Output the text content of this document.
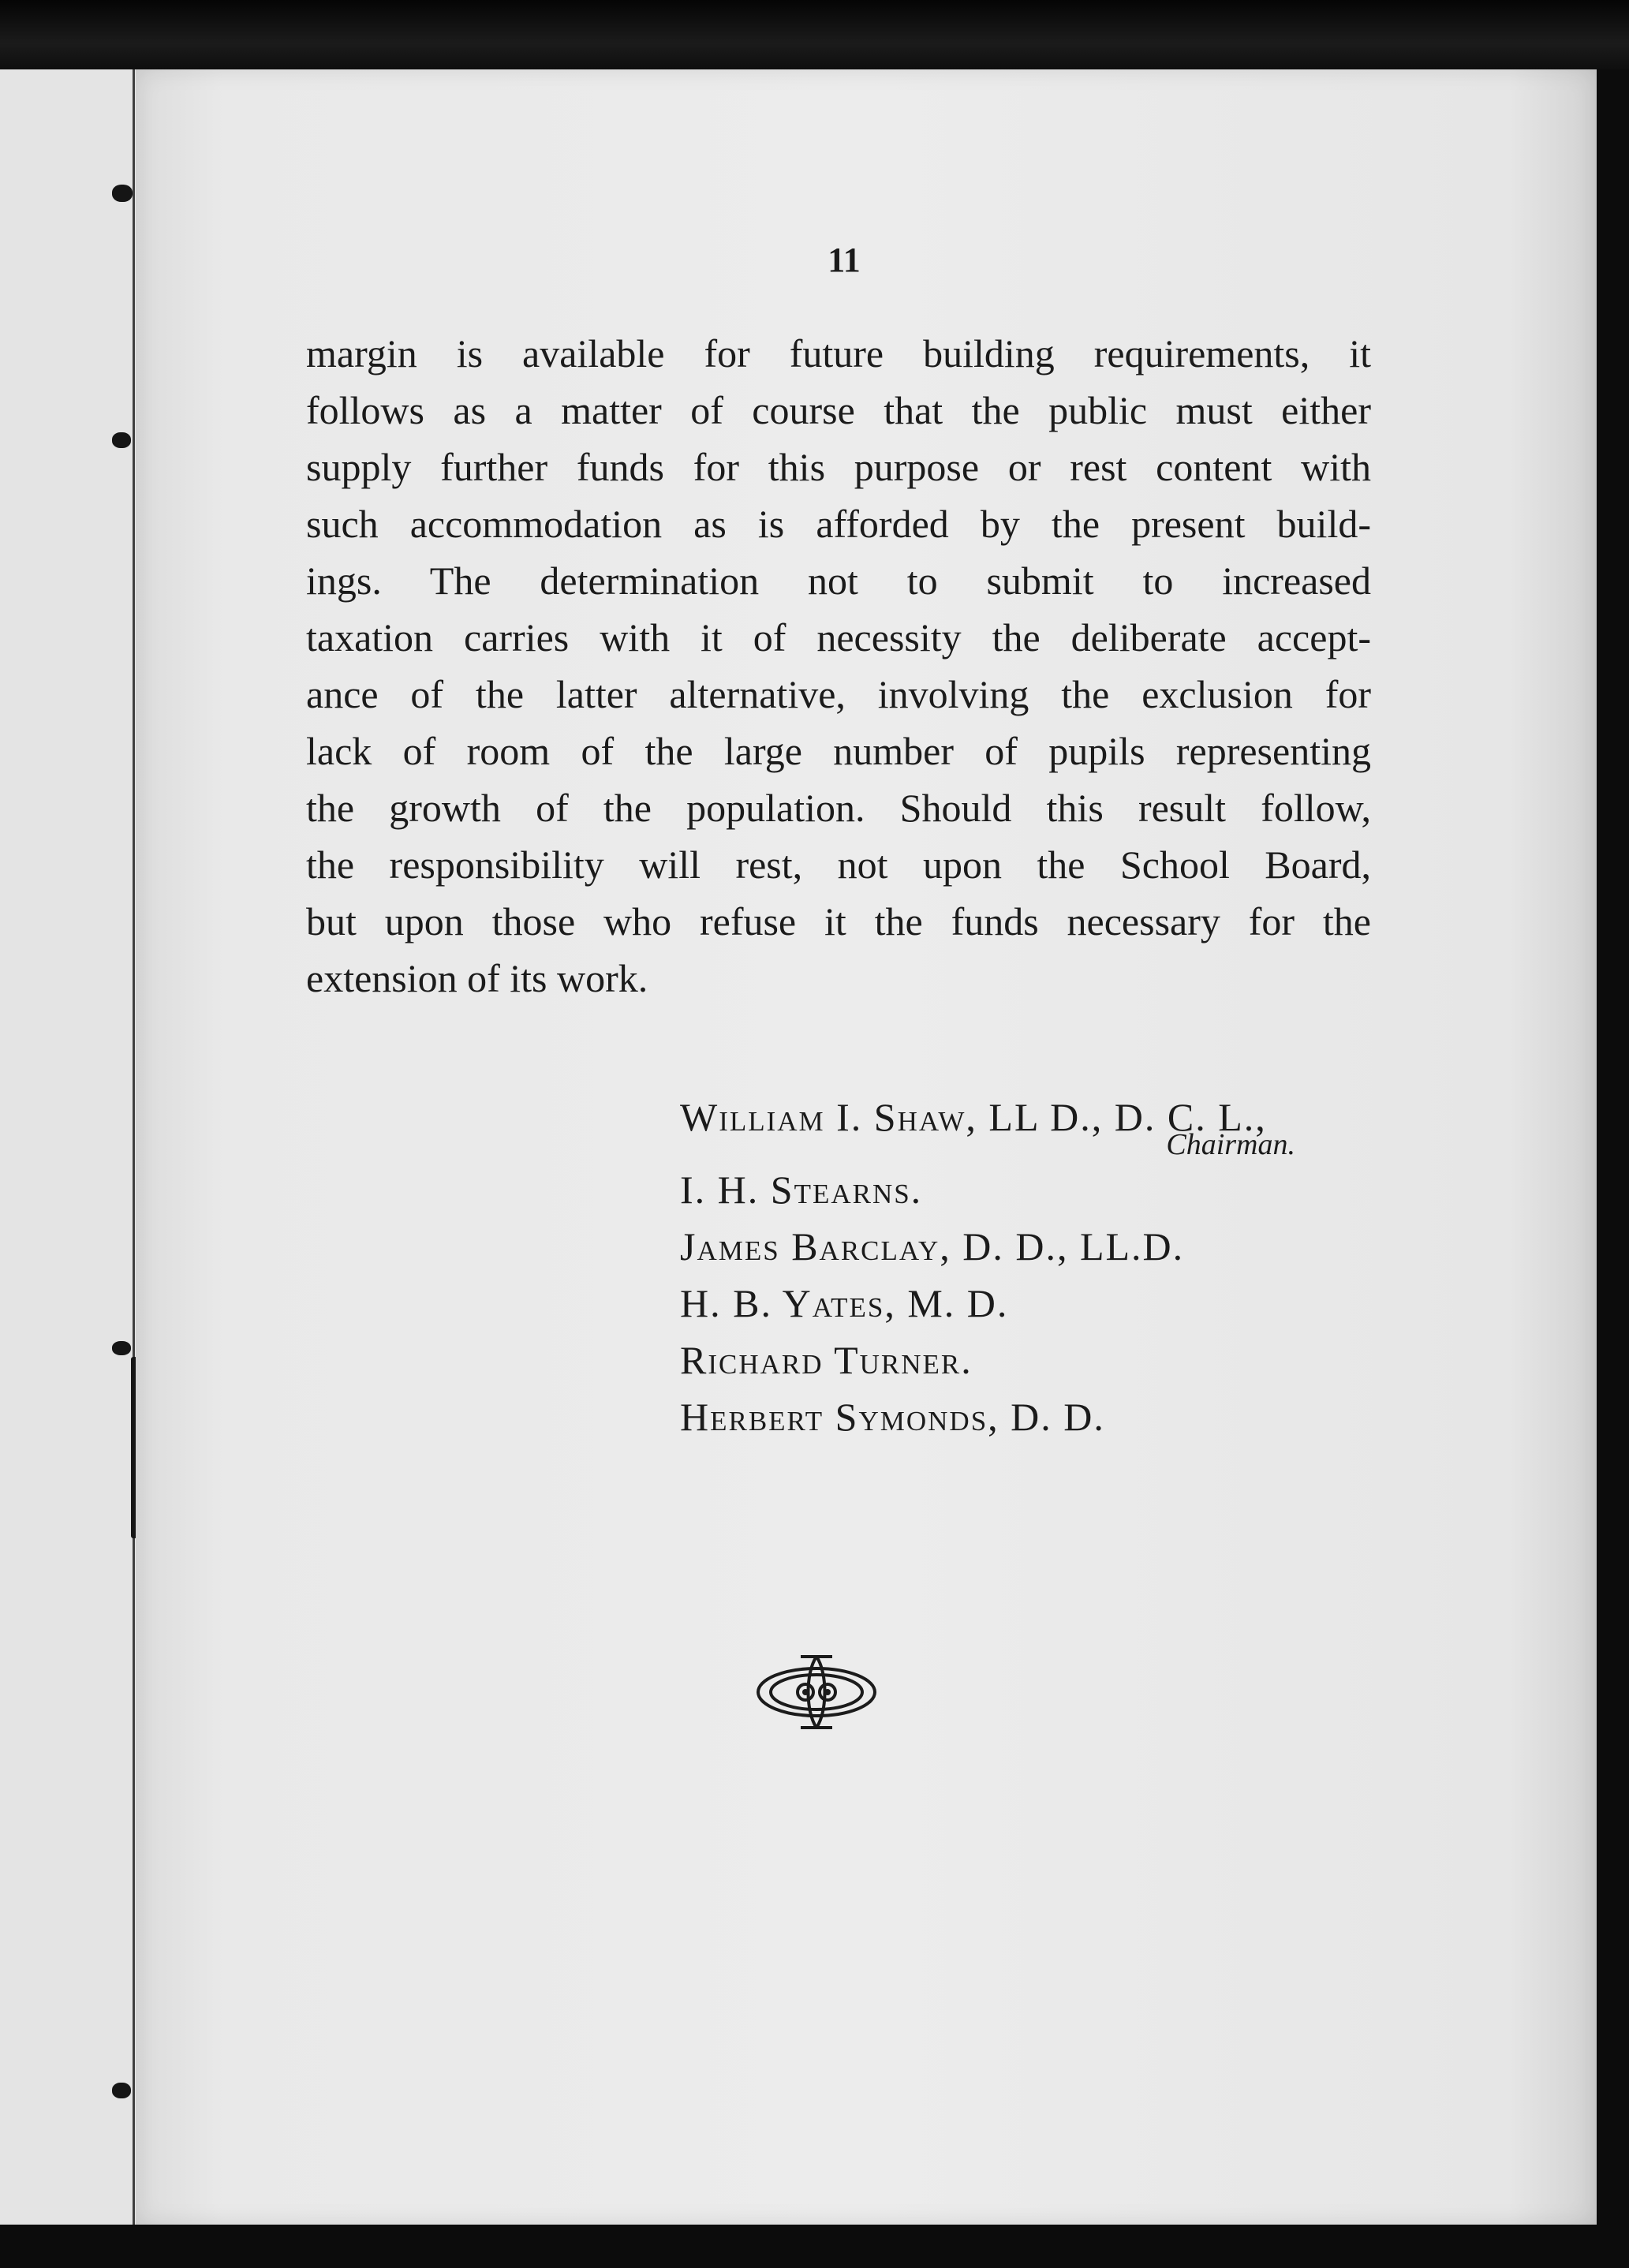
11
margin is available for future building requirements, it
follows as a matter of course that the public must either
supply further funds for this purpose or rest content with
such accommodation as is afforded by the present build-
ings. The determination not to submit to increased
taxation carries with it of necessity the deliberate accept-
ance of the latter alternative, involving the exclusion for
lack of room of the large number of pupils representing
the growth of the population. Should this result follow,
the responsibility will rest, not upon the School Board,
but upon those who refuse it the funds necessary for the
extension of its work.
William I. Shaw, LL D., D. C. L.,
Chairman.
I. H. Stearns.
James Barclay, D. D., LL.D.
H. B. Yates, M. D.
Richard Turner.
Herbert Symonds, D. D.
